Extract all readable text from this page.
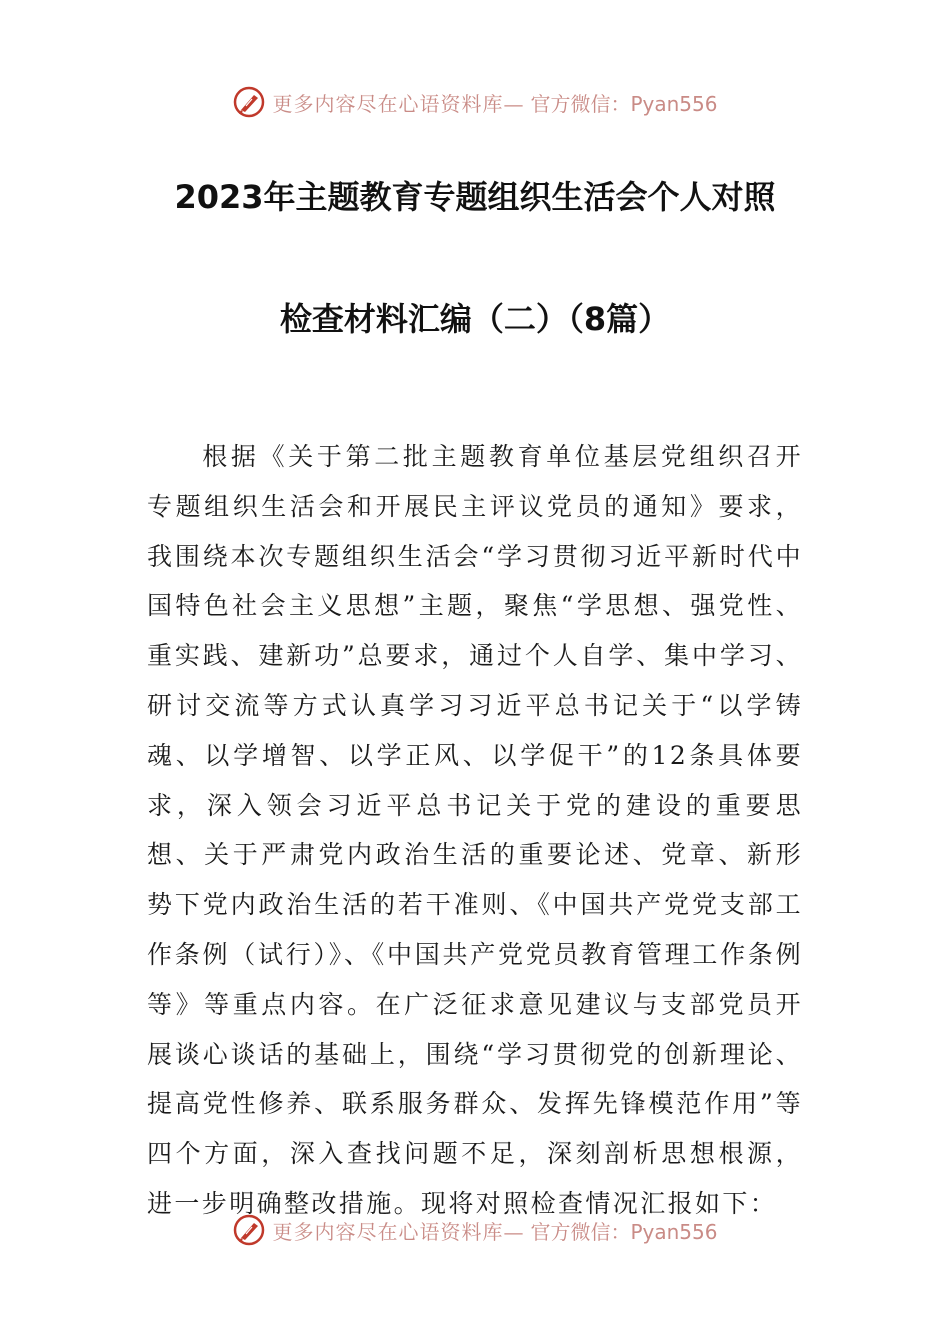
更多内容尽在心语资料库— 官方微信：Pyan556
2023年主题教育专题组织生活会个人对照
检查材料汇编（二）（8篇）
根据《关于第二批主题教育单位基层党组织召开专题组织生活会和开展民主评议党员的通知》要求，我围绕本次专题组织生活会“学习贯彻习近平新时代中国特色社会主义思想”主题，聚焦“学思想、强党性、重实践、建新功”总要求，通过个人自学、集中学习、研讨交流等方式认真学习习近平总书记关于“以学铸魂、以学增智、以学正风、以学促干”的12条具体要求，深入领会习近平总书记关于党的建设的重要思想、关于严肃党内政治生活的重要论述、党章、新形势下党内政治生活的若干准则、《中国共产党党支部工作条例（试行）》、《中国共产党党员教育管理工作条例等》等重点内容。在广泛征求意见建议与支部党员开展谈心谈话的基础上，围绕“学习贯彻党的创新理论、提高党性修养、联系服务群众、发挥先锋模范作用”等四个方面，深入查找问题不足，深刻剖析思想根源，进一步明确整改措施。现将对照检查情况汇报如下：
更多内容尽在心语资料库— 官方微信：Pyan556
